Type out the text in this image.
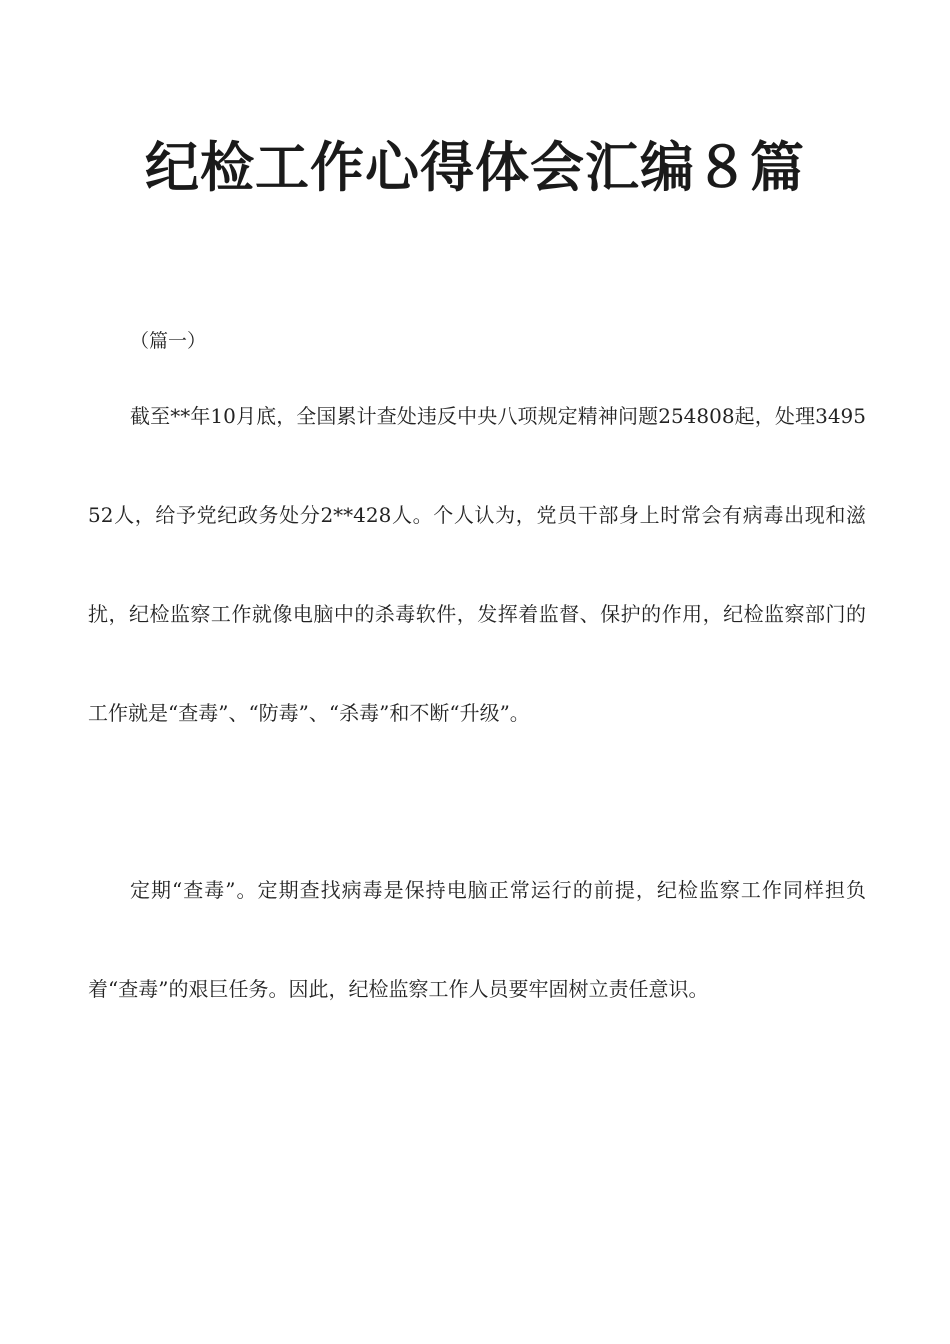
纪检工作心得体会汇编８篇

（篇一）

截至**年10月底，全国累计查处违反中央八项规定精神问题254808起，处理349552人，给予党纪政务处分2**428人。个人认为，党员干部身上时常会有病毒出现和滋扰，纪检监察工作就像电脑中的杀毒软件，发挥着监督、保护的作用，纪检监察部门的工作就是“查毒”、“防毒”、“杀毒”和不断“升级”。

定期“查毒”。定期查找病毒是保持电脑正常运行的前提，纪检监察工作同样担负着“查毒”的艰巨任务。因此，纪检监察工作人员要牢固树立责任意识。
